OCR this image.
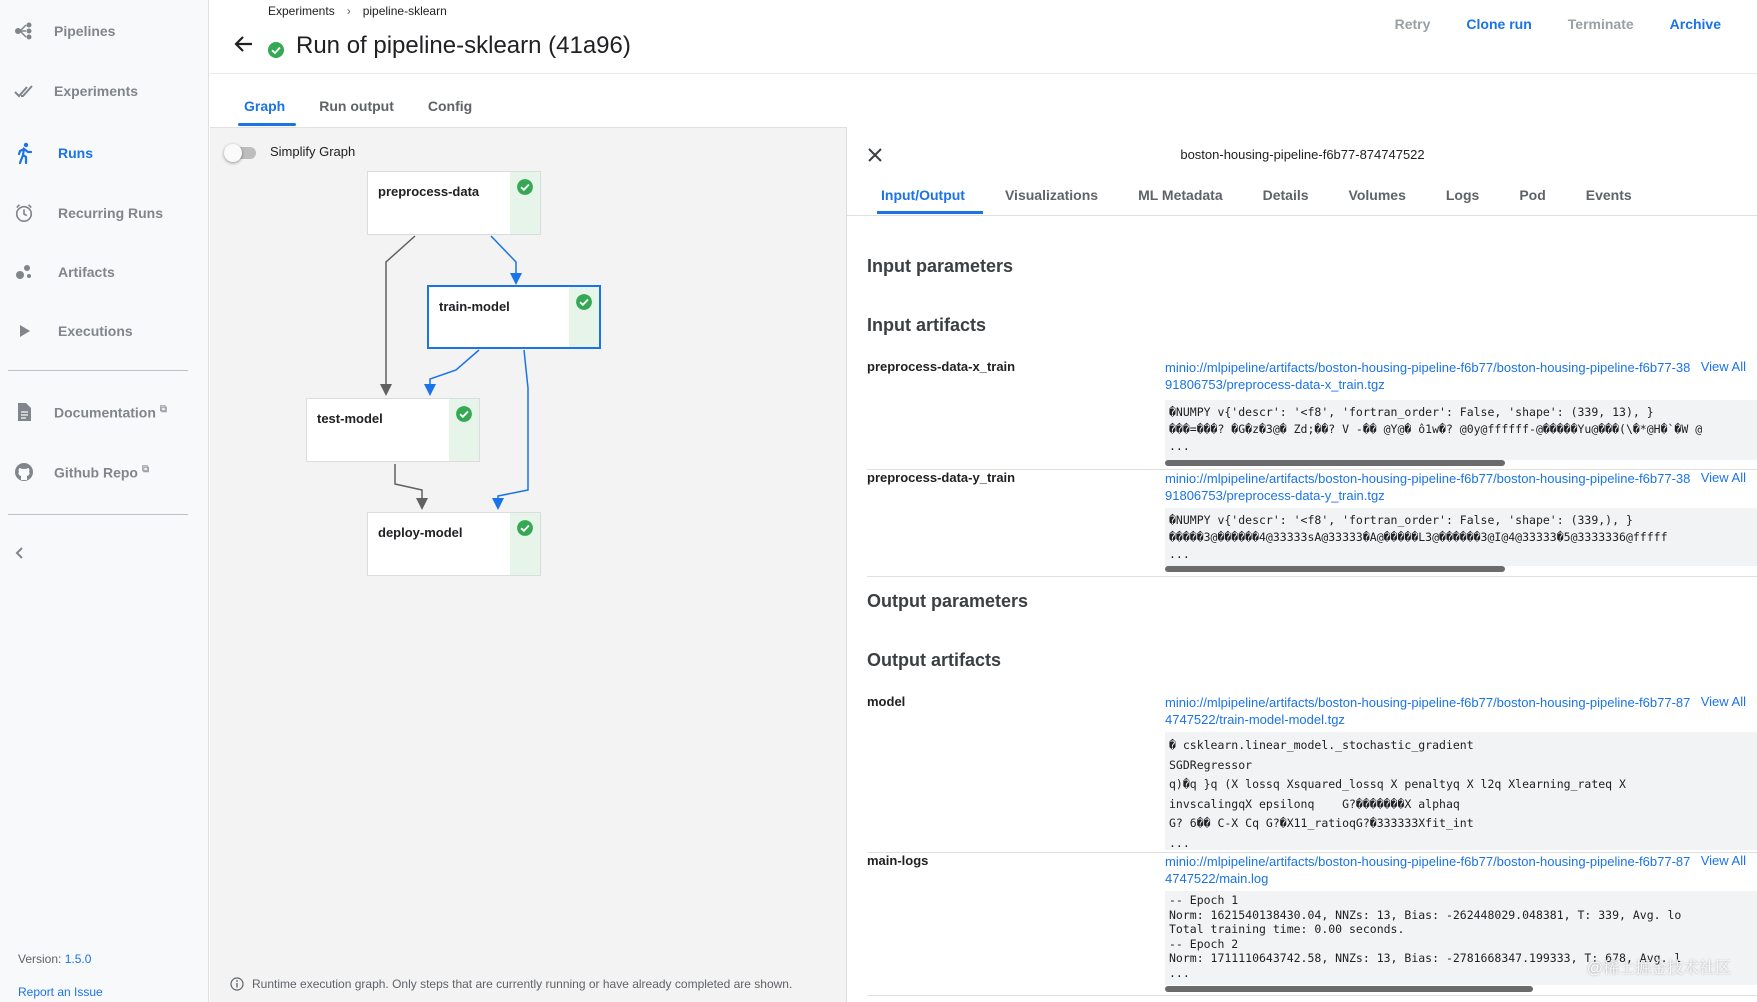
Pipelines
Experiments
Runs
Recurring Runs
Artifacts
Executions
Documentation ⧉
Github Repo ⧉
Version: 1.5.0
Report an Issue
Experiments › pipeline-sklearn
Run of pipeline-sklearn (41a96)
Retry	Clone run	Terminate	Archive
Graph	Run output	Config
Simplify Graph
preprocess-data
train-model
test-model
deploy-model
Runtime execution graph. Only steps that are currently running or have already completed are shown.
boston-housing-pipeline-f6b77-874747522
Input/Output	Visualizations	ML Metadata	Details	Volumes	Logs	Pod	Events
Input parameters
Input artifacts
preprocess-data-x_train	minio://mlpipeline/artifacts/boston-housing-pipeline-f6b77/boston-housing-pipeline-f6b77-3891806753/preprocess-data-x_train.tgz
View All
�NUMPY v{'descr': '<f8', 'fortran_order': False, 'shape': (339, 13), }
���=���? �G�z�3@� Zd;��? V -�� @Y@� ô1w�? @0y@ffffff-@�����Yu@���(\�*@H�`�W @
...
preprocess-data-y_train	minio://mlpipeline/artifacts/boston-housing-pipeline-f6b77/boston-housing-pipeline-f6b77-3891806753/preprocess-data-y_train.tgz
View All
�NUMPY v{'descr': '<f8', 'fortran_order': False, 'shape': (339,), }
�����3@������4@33333sA@33333�A@�����L3@������3@I@4@33333�5@3333336@fffff
...
Output parameters
Output artifacts
model	minio://mlpipeline/artifacts/boston-housing-pipeline-f6b77/boston-housing-pipeline-f6b77-874747522/train-model-model.tgz
View All
� csklearn.linear_model._stochastic_gradient
SGDRegressor
q)�q }q (X lossq Xsquared_lossq X penaltyq X l2q Xlearning_rateq X
invscalingqX epsilonq    G?�������X alphaq
G? 6�� C-X Cq G?�X11_ratioqG?�333333Xfit_int
...
main-logs	minio://mlpipeline/artifacts/boston-housing-pipeline-f6b77/boston-housing-pipeline-f6b77-874747522/main.log
View All
-- Epoch 1
Norm: 1621540138430.04, NNZs: 13, Bias: -262448029.048381, T: 339, Avg. lo
Total training time: 0.00 seconds.
-- Epoch 2
Norm: 1711110643742.58, NNZs: 13, Bias: -2781668347.199333, T: 678, Avg. l
...	@稀土掘金技术社区
